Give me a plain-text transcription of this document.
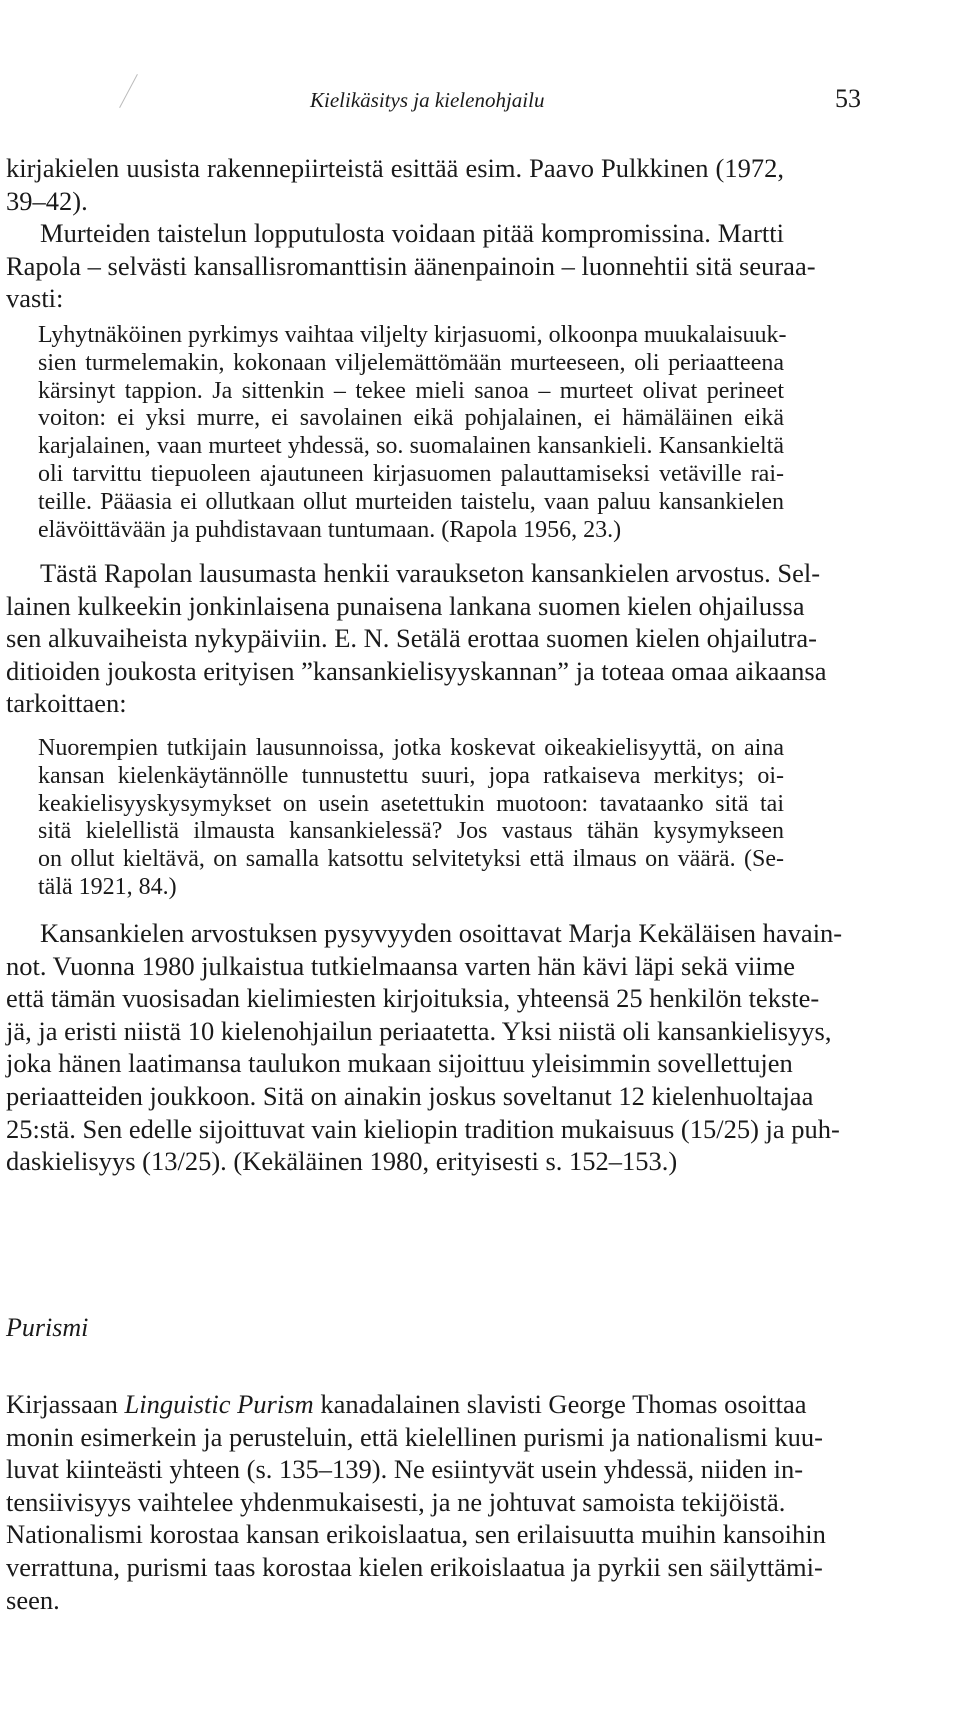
Kielikäsitys ja kielenohjailu	53

kirjakielen uusista rakennepiirteistä esittää esim. Paavo Pulkkinen (1972,
39–42).

Murteiden taistelun lopputulosta voidaan pitää kompromissina. Martti
Rapola – selvästi kansallisromanttisin äänenpainoin – luonnehtii sitä seuraa-
vasti:

Lyhytnäköinen pyrkimys vaihtaa viljelty kirjasuomi, olkoonpa muukalaisuuk-
sien turmelemakin, kokonaan viljelemättömään murteeseen, oli periaatteena
kärsinyt tappion. Ja sittenkin – tekee mieli sanoa – murteet olivat perineet
voiton: ei yksi murre, ei savolainen eikä pohjalainen, ei hämäläinen eikä
karjalainen, vaan murteet yhdessä, so. suomalainen kansankieli. Kansankieltä
oli tarvittu tiepuoleen ajautuneen kirjasuomen palauttamiseksi vetäville rai-
teille. Pääasia ei ollutkaan ollut murteiden taistelu, vaan paluu kansankielen
elävöittävään ja puhdistavaan tuntumaan. (Rapola 1956, 23.)

Tästä Rapolan lausumasta henkii varaukseton kansankielen arvostus. Sel-
lainen kulkeekin jonkinlaisena punaisena lankana suomen kielen ohjailussa
sen alkuvaiheista nykypäiviin. E. N. Setälä erottaa suomen kielen ohjailutra-
ditioiden joukosta erityisen ”kansankielisyyskannan” ja toteaa omaa aikaansa
tarkoittaen:

Nuorempien tutkijain lausunnoissa, jotka koskevat oikeakielisyyttä, on aina
kansan kielenkäytännölle tunnustettu suuri, jopa ratkaiseva merkitys; oi-
keakielisyyskysymykset on usein asetettukin muotoon: tavataanko sitä tai
sitä kielellistä ilmausta kansankielessä? Jos vastaus tähän kysymykseen
on ollut kieltävä, on samalla katsottu selvitetyksi että ilmaus on väärä. (Se-
tälä 1921, 84.)

Kansankielen arvostuksen pysyvyyden osoittavat Marja Kekäläisen havain-
not. Vuonna 1980 julkaistua tutkielmaansa varten hän kävi läpi sekä viime
että tämän vuosisadan kielimiesten kirjoituksia, yhteensä 25 henkilön tekste-
jä, ja eristi niistä 10 kielenohjailun periaatetta. Yksi niistä oli kansankielisyys,
joka hänen laatimansa taulukon mukaan sijoittuu yleisimmin sovellettujen
periaatteiden joukkoon. Sitä on ainakin joskus soveltanut 12 kielenhuoltajaa
25:stä. Sen edelle sijoittuvat vain kieliopin tradition mukaisuus (15/25) ja puh-
daskielisyys (13/25). (Kekäläinen 1980, erityisesti s. 152–153.)

Purismi

Kirjassaan Linguistic Purism kanadalainen slavisti George Thomas osoittaa
monin esimerkein ja perusteluin, että kielellinen purismi ja nationalismi kuu-
luvat kiinteästi yhteen (s. 135–139). Ne esiintyvät usein yhdessä, niiden in-
tensiivisyys vaihtelee yhdenmukaisesti, ja ne johtuvat samoista tekijöistä.
Nationalismi korostaa kansan erikoislaatua, sen erilaisuutta muihin kansoihin
verrattuna, purismi taas korostaa kielen erikoislaatua ja pyrkii sen säilyttämi-
seen.
